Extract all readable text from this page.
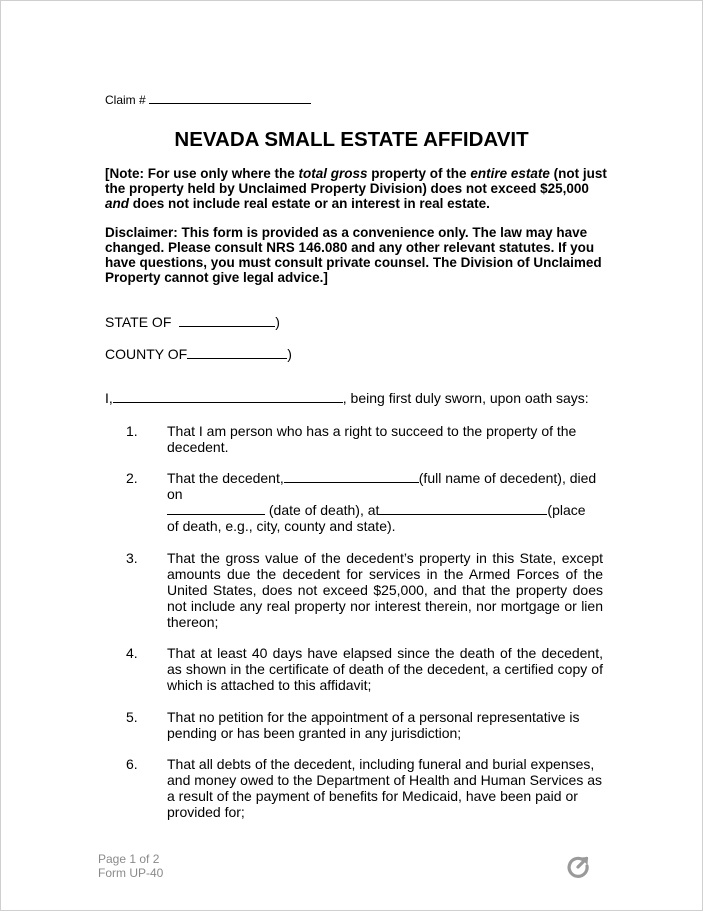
Claim #
NEVADA SMALL ESTATE AFFIDAVIT
[Note: For use only where the total gross property of the entire estate (not just the property held by Unclaimed Property Division) does not exceed $25,000 and does not include real estate or an interest in real estate.
Disclaimer: This form is provided as a convenience only. The law may have changed. Please consult NRS 146.080 and any other relevant statutes. If you have questions, you must consult private counsel. The Division of Unclaimed Property cannot give legal advice.]
STATE OF	)
COUNTY OF	)
I,	, being first duly sworn, upon oath says:
1. That I am person who has a right to succeed to the property of the decedent.
2. That the decedent,	(full name of decedent), died
on
(date of death), at	(place
of death, e.g., city, county and state).
3. That the gross value of the decedent’s property in this State, except amounts due the decedent for services in the Armed Forces of the United States, does not exceed $25,000, and that the property does not include any real property nor interest therein, nor mortgage or lien thereon;
4. That at least 40 days have elapsed since the death of the decedent, as shown in the certificate of death of the decedent, a certified copy of which is attached to this affidavit;
5. That no petition for the appointment of a personal representative is pending or has been granted in any jurisdiction;
6. That all debts of the decedent, including funeral and burial expenses, and money owed to the Department of Health and Human Services as a result of the payment of benefits for Medicaid, have been paid or provided for;
Page 1 of 2
Form UP-40
